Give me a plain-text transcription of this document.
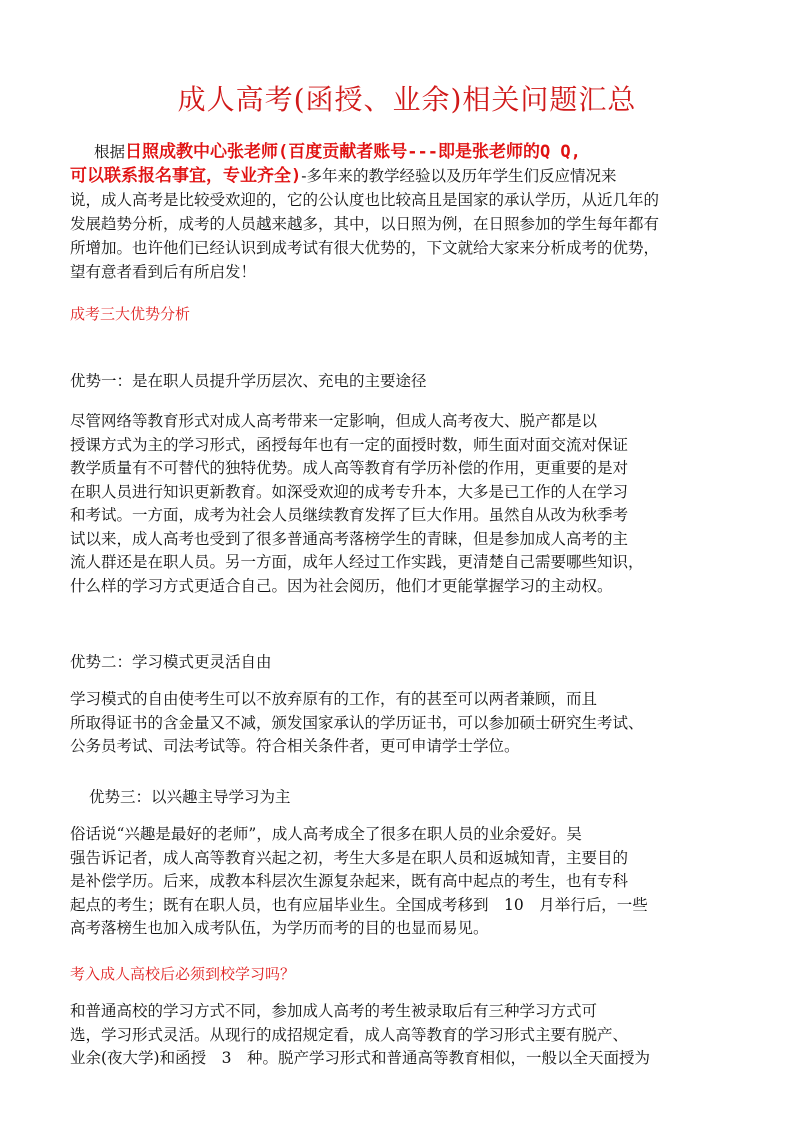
成人高考(函授、业余)相关问题汇总
根据日照成教中心张老师(百度贡献者账号---即是张老师的Q Q,
可以联系报名事宜，专业齐全)-多年来的教学经验以及历年学生们反应情况来
说，成人高考是比较受欢迎的，它的公认度也比较高且是国家的承认学历，从近几年的
发展趋势分析，成考的人员越来越多，其中，以日照为例，在日照参加的学生每年都有
所增加。也许他们已经认识到成考试有很大优势的，下文就给大家来分析成考的优势，
望有意者看到后有所启发！
成考三大优势分析
优势一：是在职人员提升学历层次、充电的主要途径
尽管网络等教育形式对成人高考带来一定影响，但成人高考夜大、脱产都是以
授课方式为主的学习形式，函授每年也有一定的面授时数，师生面对面交流对保证
教学质量有不可替代的独特优势。成人高等教育有学历补偿的作用，更重要的是对
在职人员进行知识更新教育。如深受欢迎的成考专升本，大多是已工作的人在学习
和考试。一方面，成考为社会人员继续教育发挥了巨大作用。虽然自从改为秋季考
试以来，成人高考也受到了很多普通高考落榜学生的青睐，但是参加成人高考的主
流人群还是在职人员。另一方面，成年人经过工作实践，更清楚自己需要哪些知识，
什么样的学习方式更适合自己。因为社会阅历，他们才更能掌握学习的主动权。
优势二：学习模式更灵活自由
学习模式的自由使考生可以不放弃原有的工作，有的甚至可以两者兼顾，而且
所取得证书的含金量又不减，颁发国家承认的学历证书，可以参加硕士研究生考试、
公务员考试、司法考试等。符合相关条件者，更可申请学士学位。
优势三：以兴趣主导学习为主
俗话说“兴趣是最好的老师”，成人高考成全了很多在职人员的业余爱好。吴
强告诉记者，成人高等教育兴起之初，考生大多是在职人员和返城知青，主要目的
是补偿学历。后来，成教本科层次生源复杂起来，既有高中起点的考生，也有专科
起点的考生；既有在职人员，也有应届毕业生。全国成考移到　10　月举行后，一些
高考落榜生也加入成考队伍，为学历而考的目的也显而易见。
考入成人高校后必须到校学习吗？
和普通高校的学习方式不同，参加成人高考的考生被录取后有三种学习方式可
选，学习形式灵活。从现行的成招规定看，成人高等教育的学习形式主要有脱产、
业余(夜大学)和函授　3　种。脱产学习形式和普通高等教育相似，一般以全天面授为
